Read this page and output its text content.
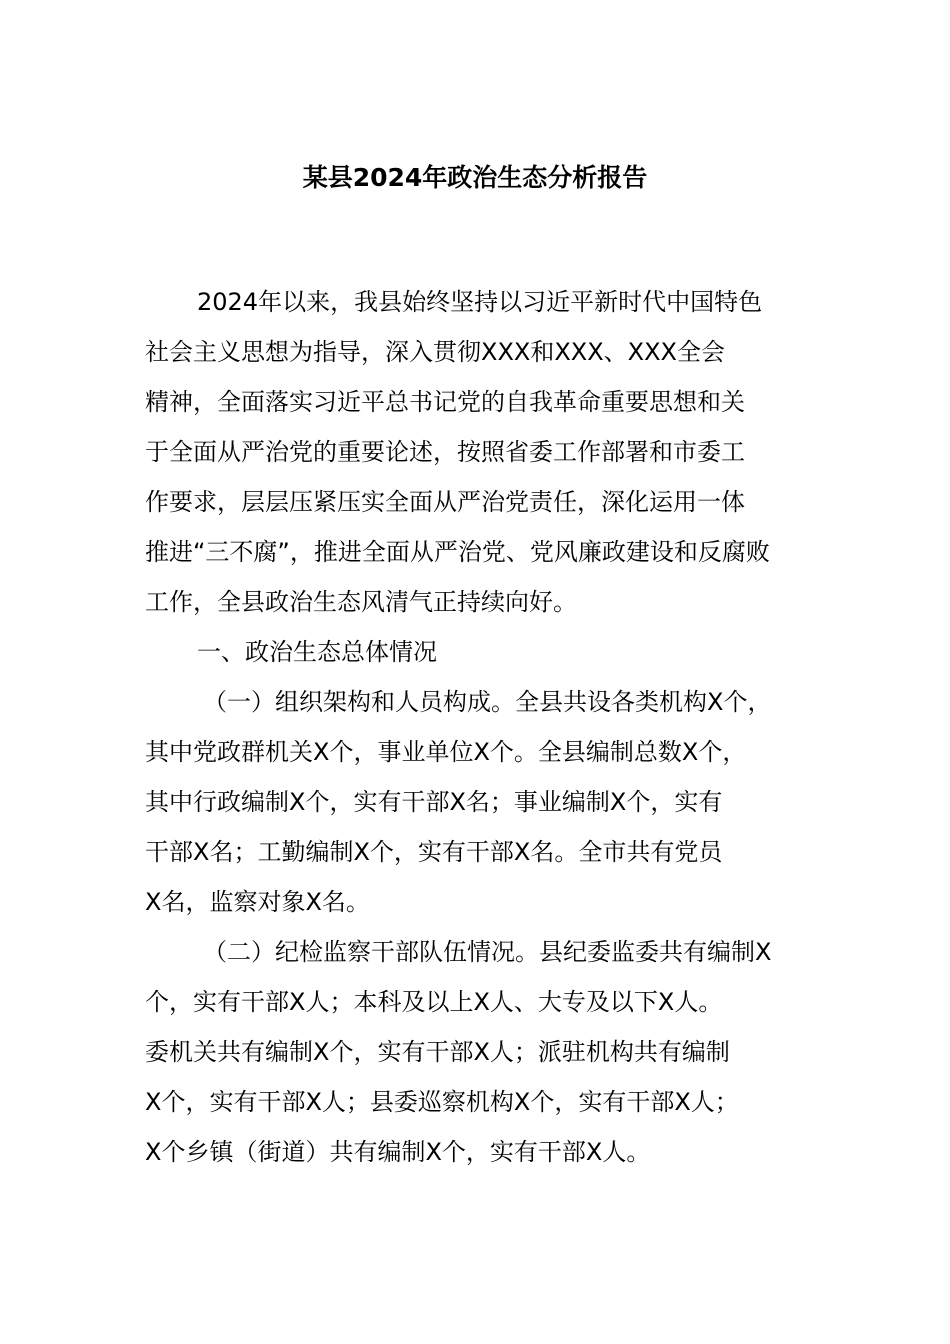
某县2024年政治生态分析报告
2024年以来，我县始终坚持以习近平新时代中国特色
社会主义思想为指导，深入贯彻XXX和XXX、XXX全会
精神，全面落实习近平总书记党的自我革命重要思想和关
于全面从严治党的重要论述，按照省委工作部署和市委工
作要求，层层压紧压实全面从严治党责任，深化运用一体
推进“三不腐”，推进全面从严治党、党风廉政建设和反腐败
工作，全县政治生态风清气正持续向好。
一、政治生态总体情况
（一）组织架构和人员构成。全县共设各类机构X个，
其中党政群机关X个，事业单位X个。全县编制总数X个，
其中行政编制X个，实有干部X名；事业编制X个，实有
干部X名；工勤编制X个，实有干部X名。全市共有党员
X名，监察对象X名。
（二）纪检监察干部队伍情况。县纪委监委共有编制X
个，实有干部X人；本科及以上X人、大专及以下X人。
委机关共有编制X个，实有干部X人；派驻机构共有编制
X个，实有干部X人；县委巡察机构X个，实有干部X人；
X个乡镇（街道）共有编制X个，实有干部X人。
